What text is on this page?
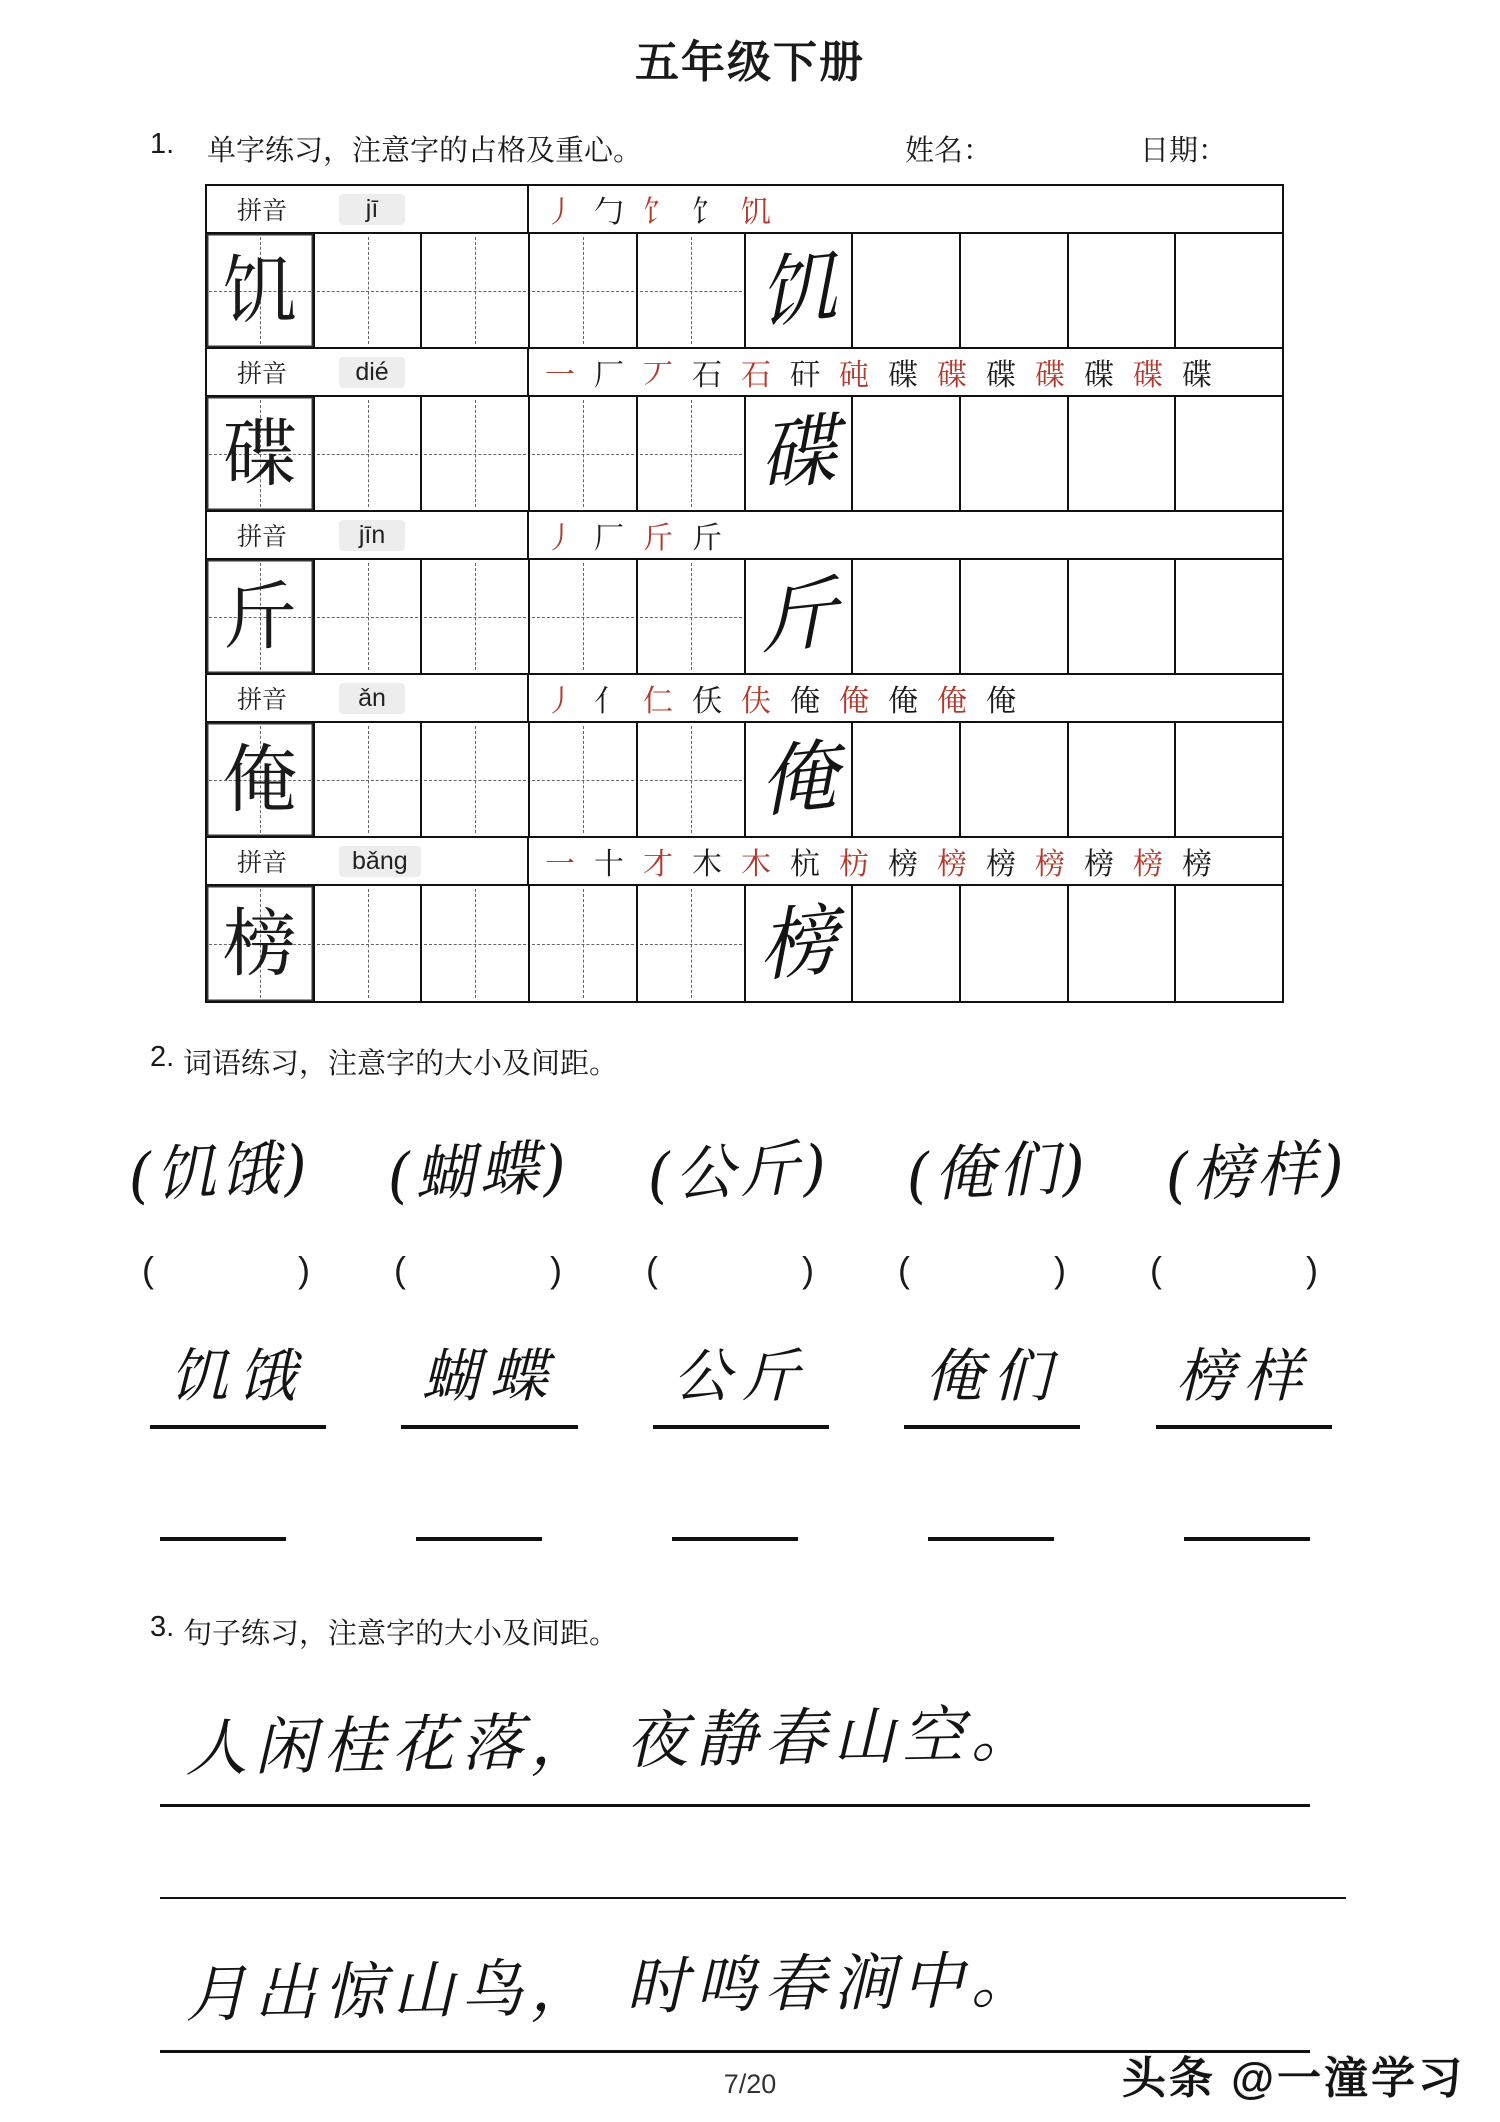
五年级下册
1. 单字练习，注意字的占格及重心。	姓名：	日期：
拼音	jī	丿 勹 饣 饣 饥
饥	饥
拼音	dié	一 厂 丆 石 石 矸 砘 碟 碟 碟 碟 碟 碟 碟
碟	碟
拼音	jīn	丿 厂 斤 斤
斤	斤
拼音	ǎn	丿 亻 仁 仸 伕 俺 俺 俺 俺 俺
俺	俺
拼音	bǎng	一 十 才 木 木 杭 枋 榜 榜 榜 榜 榜 榜 榜
榜	榜
2. 词语练习，注意字的大小及间距。
(饥饿) (蝴蝶) (公斤) (俺们) (榜样)
(	) (	) (	) (	) (	)
饥饿	蝴蝶	公斤	俺们	榜样
3. 句子练习，注意字的大小及间距。
人闲桂花落， 夜静春山空。
月出惊山鸟， 时鸣春涧中。
7/20	头条 @一潼学习
